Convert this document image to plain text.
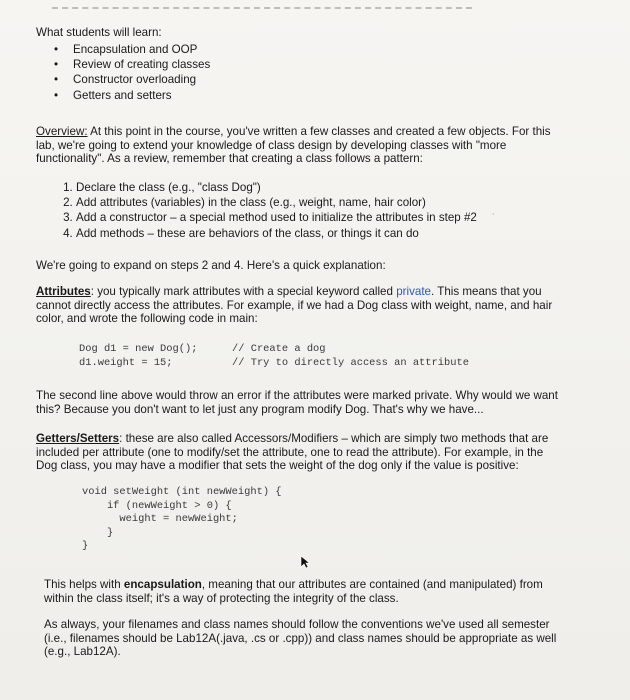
What students will learn:
• Encapsulation and OOP
• Review of creating classes
• Constructor overloading
• Getters and setters
Overview: At this point in the course, you've written a few classes and created a few objects. For this lab, we're going to extend your knowledge of class design by developing classes with "more functionality". As a review, remember that creating a class follows a pattern:
1. Declare the class (e.g., "class Dog")
2. Add attributes (variables) in the class (e.g., weight, name, hair color)
3. Add a constructor – a special method used to initialize the attributes in step #2
4. Add methods – these are behaviors of the class, or things it can do
˙
We're going to expand on steps 2 and 4. Here's a quick explanation:
Attributes: you typically mark attributes with a special keyword called private. This means that you cannot directly access the attributes. For example, if we had a Dog class with weight, name, and hair color, and wrote the following code in main:
Dog d1 = new Dog();
d1.weight = 15;
// Create a dog
// Try to directly access an attribute
The second line above would throw an error if the attributes were marked private. Why would we want this? Because you don't want to let just any program modify Dog. That's why we have...
Getters/Setters: these are also called Accessors/Modifiers – which are simply two methods that are included per attribute (one to modify/set the attribute, one to read the attribute). For example, in the Dog class, you may have a modifier that sets the weight of the dog only if the value is positive:
void setWeight (int newWeight) {
if (newWeight > 0) {
weight = newWeight;
}
}
This helps with encapsulation, meaning that our attributes are contained (and manipulated) from within the class itself; it's a way of protecting the integrity of the class.
As always, your filenames and class names should follow the conventions we've used all semester (i.e., filenames should be Lab12A(.java, .cs or .cpp)) and class names should be appropriate as well (e.g., Lab12A).
